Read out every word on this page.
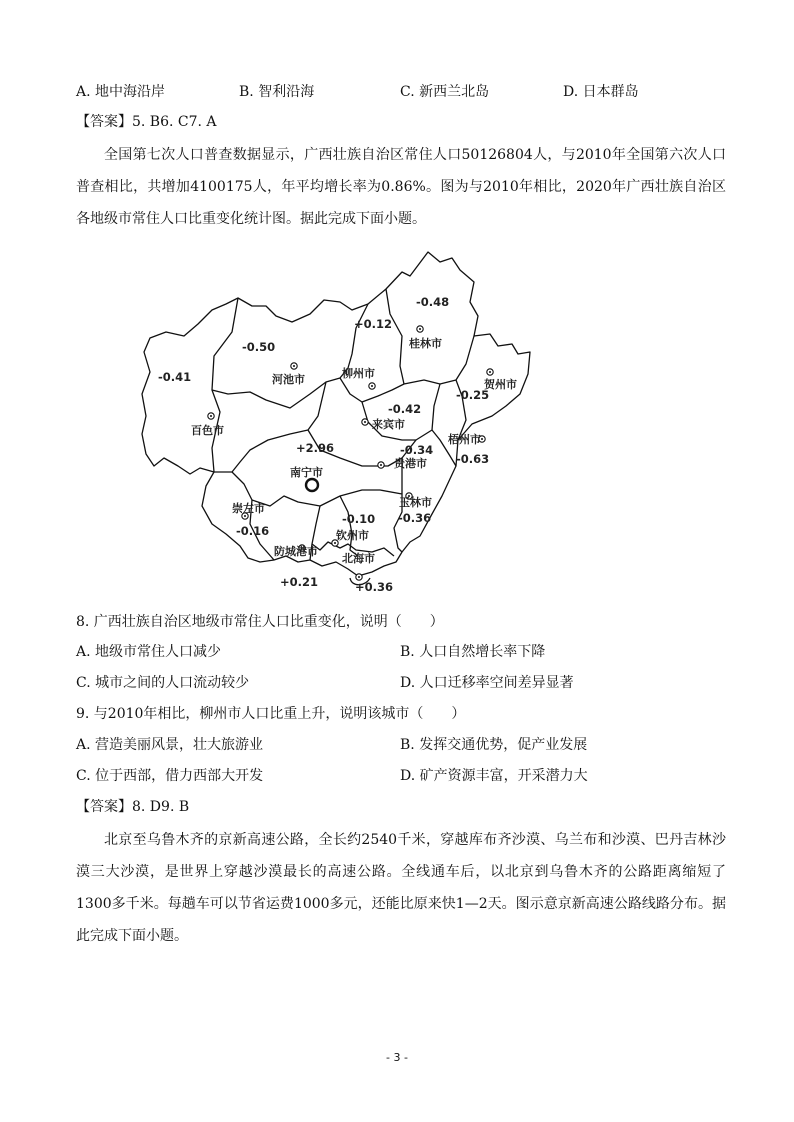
A. 地中海沿岸	B. 智利沿海	C. 新西兰北岛	D. 日本群岛
【答案】5. B6. C7. A
全国第七次人口普查数据显示，广西壮族自治区常住人口50126804人，与2010年全国第六次人口普查相比，共增加4100175人，年平均增长率为0.86%。图为与2010年相比，2020年广西壮族自治区各地级市常住人口比重变化统计图。据此完成下面小题。
-0.48
+0.12
-0.50
-0.41
-0.25
-0.42
+2.96	-0.34
-0.63
-0.16
-0.10 -0.36
+0.21	+0.36
桂林市
柳州市
河池市
百色市
贺州市
来宾市
梧州市
贵港市
南宁市
玉林市
崇左市
钦州市
防城港市
北海市
8. 广西壮族自治区地级市常住人口比重变化，说明（　　）
A. 地级市常住人口减少	B. 人口自然增长率下降
C. 城市之间的人口流动较少	D. 人口迁移率空间差异显著
9. 与2010年相比，柳州市人口比重上升，说明该城市（　　）
A. 营造美丽风景，壮大旅游业	B. 发挥交通优势，促产业发展
C. 位于西部，借力西部大开发	D. 矿产资源丰富，开采潜力大
【答案】8. D9. B
北京至乌鲁木齐的京新高速公路，全长约2540千米，穿越库布齐沙漠、乌兰布和沙漠、巴丹吉林沙漠三大沙漠，是世界上穿越沙漠最长的高速公路。全线通车后，以北京到乌鲁木齐的公路距离缩短了1300多千米。每趟车可以节省运费1000多元，还能比原来快1—2天。图示意京新高速公路线路分布。据此完成下面小题。
- 3 -
